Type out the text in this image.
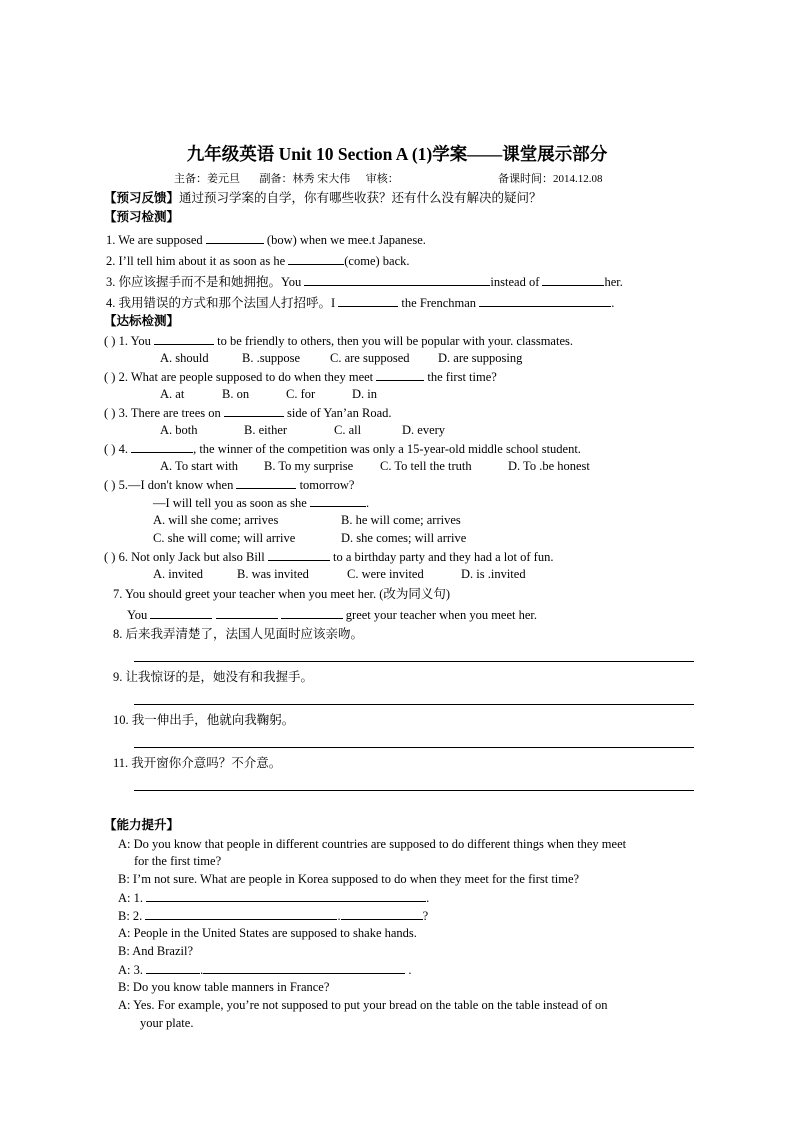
九年级英语 Unit 10 Section A (1)学案——课堂展示部分
主备：姜元旦 副备：林秀 宋大伟 审核：	备课时间：2014.12.08
【预习反馈】通过预习学案的自学，你有哪些收获？还有什么没有解决的疑问？
【预习检测】
1. We are supposed	(bow) when we mee.t Japanese.
2. I’ll tell him about it as soon as he	(come) back.
3. 你应该握手而不是和她拥抱。You	instead of	her.
4. 我用错误的方式和那个法国人打招呼。I	the Frenchman	.
【达标检测】
( ) 1. You	to be friendly to others, then you will be popular with your. classmates.
A. should	B. .suppose C. are supposed D. are supposing
( ) 2. What are people supposed to do when they meet	the first time?
A. at	B. on	C. for	D. in
( ) 3. There are trees on	side of Yan’an Road.
A. both	B. either	C. all	D. every
( ) 4.	, the winner of the competition was only a 15-year-old middle school student.
A. To start with B. To my surprise C. To tell the truth	D. To .be honest
( ) 5.—I don't know when	tomorrow?
—I will tell you as soon as she	.
A. will she come; arrives	B. he will come; arrives
C. she will come; will arrive	D. she comes; will arrive
( ) 6. Not only Jack but also Bill	to a birthday party and they had a lot of fun.
A. invited	B. was invited	C. were invited	D. is .invited
7. You should greet your teacher when you meet her. (改为同义句)
You	greet your teacher when you meet her.
8. 后来我弄清楚了，法国人见面时应该亲吻。
9. 让我惊讶的是，她没有和我握手。
10. 我一伸出手，他就向我鞠躬。
11. 我开窗你介意吗？不介意。
【能力提升】
A: Do you know that people in different countries are supposed to do different things when they meet
for the first time?
B: I’m not sure. What are people in Korea supposed to do when they meet for the first time?
A: 1.	.
B: 2.	.	?
A: People in the United States are supposed to shake hands.
B: And Brazil?
A: 3.	.	.
B: Do you know table manners in France?
A: Yes. For example, you’re not supposed to put your bread on the table on the table instead of on
your plate.
